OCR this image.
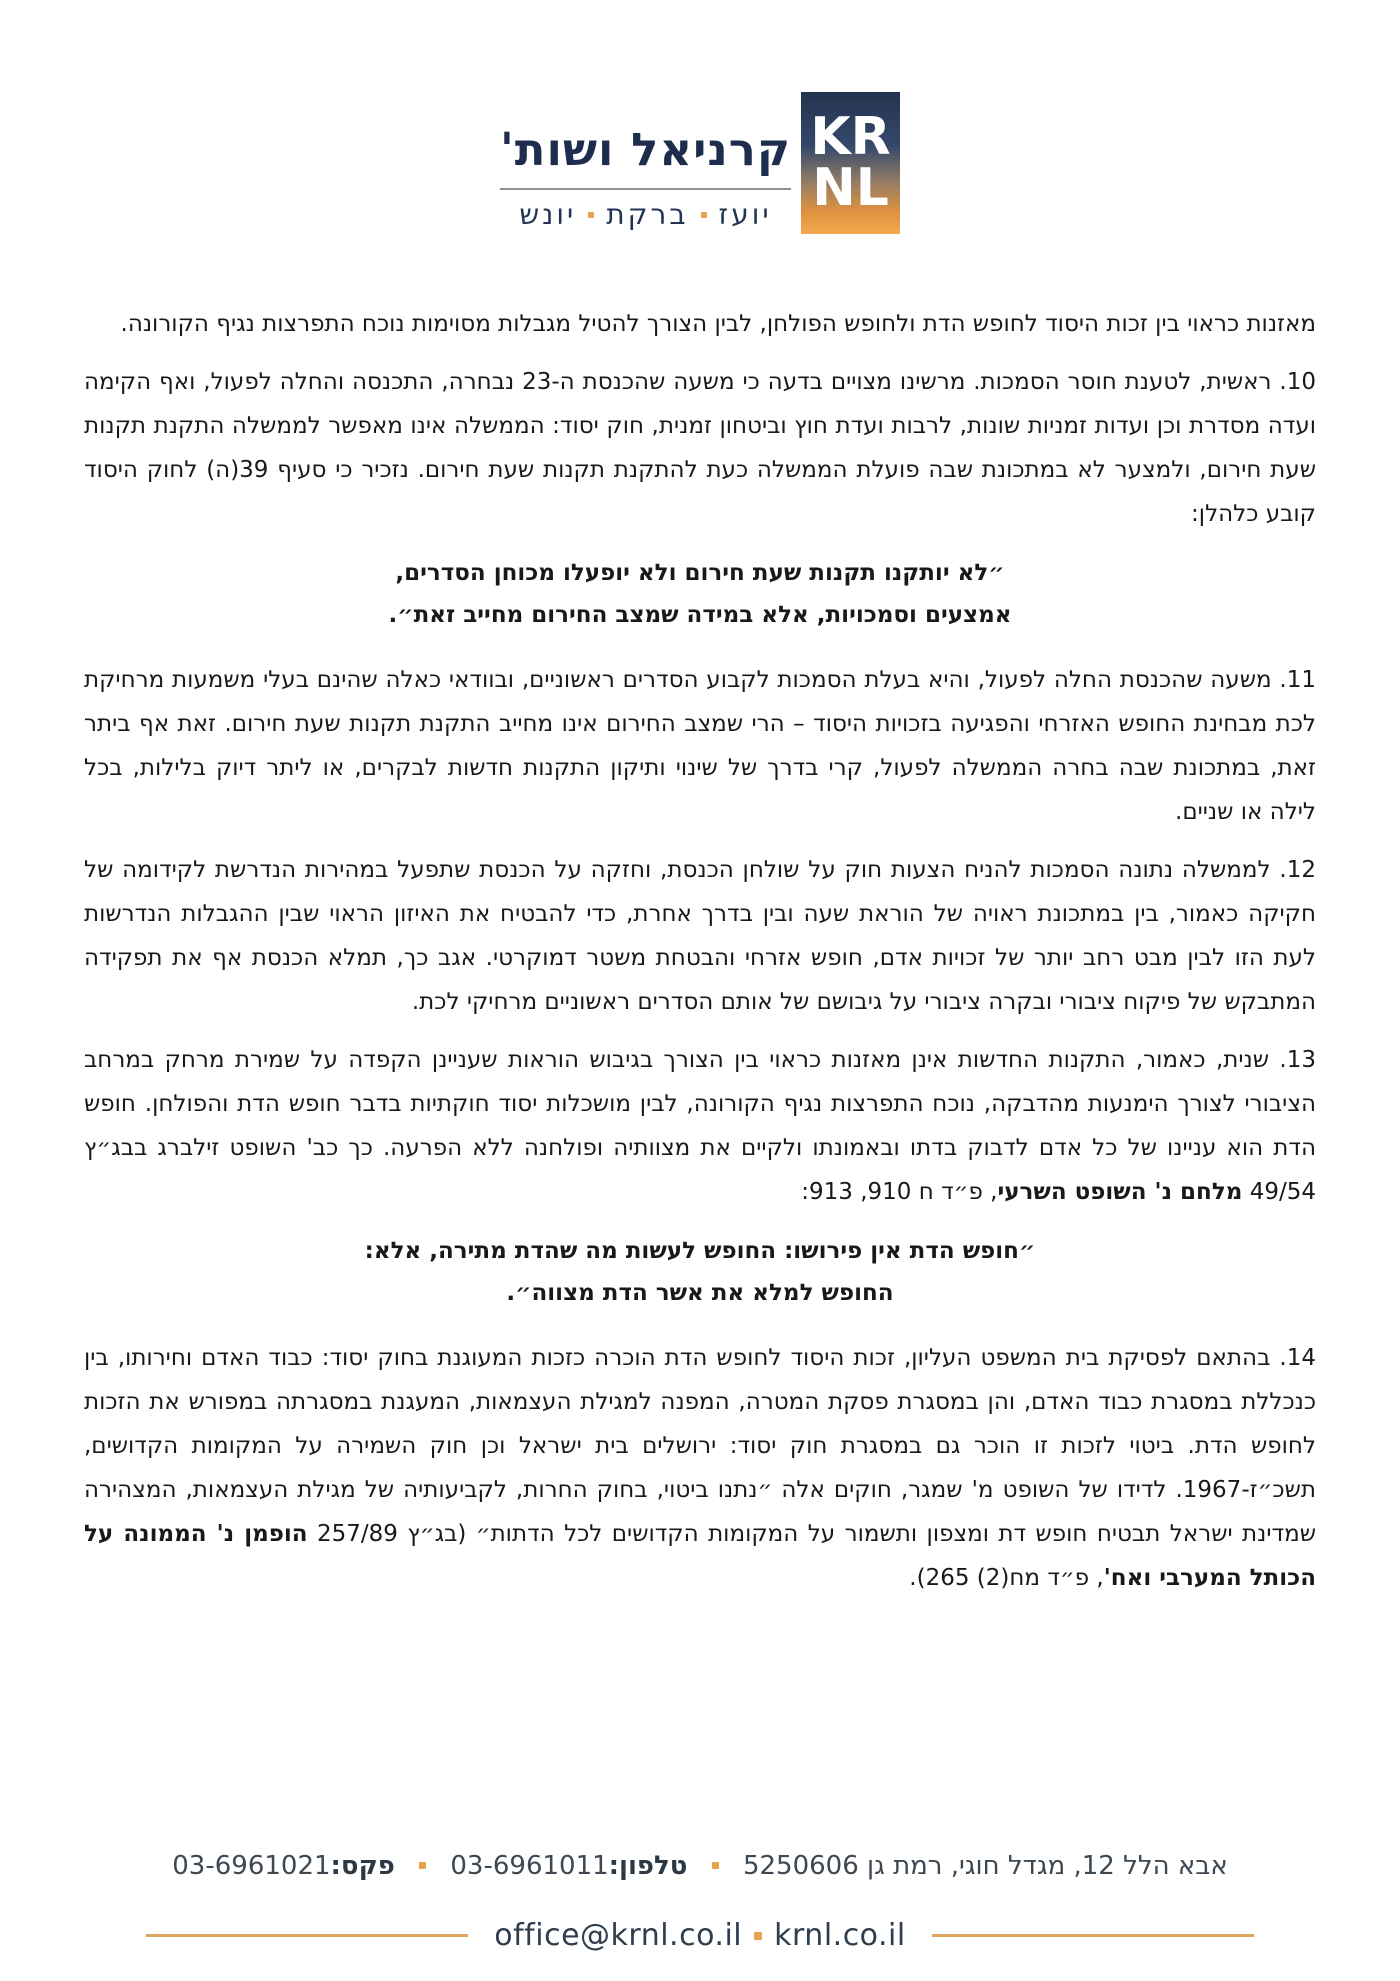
קרניאל ושות'
יועז
ברקת
יונש
KR
NL

מאזנות כראוי בין זכות היסוד לחופש הדת ולחופש הפולחן, לבין הצורך להטיל מגבלות מסוימות נוכח התפרצות נגיף הקורונה.

10. ראשית, לטענת חוסר הסמכות. מרשינו מצויים בדעה כי משעה שהכנסת ה-23 נבחרה, התכנסה והחלה לפעול, ואף הקימה ועדה מסדרת וכן ועדות זמניות שונות, לרבות ועדת חוץ וביטחון זמנית, חוק יסוד: הממשלה אינו מאפשר לממשלה התקנת תקנות שעת חירום, ולמצער לא במתכונת שבה פועלת הממשלה כעת להתקנת תקנות שעת חירום. נזכיר כי סעיף 39(ה) לחוק היסוד קובע כלהלן:

״לא יותקנו תקנות שעת חירום ולא יופעלו מכוחן הסדרים, אמצעים וסמכויות, אלא במידה שמצב החירום מחייב זאת״.

11. משעה שהכנסת החלה לפעול, והיא בעלת הסמכות לקבוע הסדרים ראשוניים, ובוודאי כאלה שהינם בעלי משמעות מרחיקת לכת מבחינת החופש האזרחי והפגיעה בזכויות היסוד – הרי שמצב החירום אינו מחייב התקנת תקנות שעת חירום. זאת אף ביתר זאת, במתכונת שבה בחרה הממשלה לפעול, קרי בדרך של שינוי ותיקון התקנות חדשות לבקרים, או ליתר דיוק בלילות, בכל לילה או שניים.

12. לממשלה נתונה הסמכות להניח הצעות חוק על שולחן הכנסת, וחזקה על הכנסת שתפעל במהירות הנדרשת לקידומה של חקיקה כאמור, בין במתכונת ראויה של הוראת שעה ובין בדרך אחרת, כדי להבטיח את האיזון הראוי שבין ההגבלות הנדרשות לעת הזו לבין מבט רחב יותר של זכויות אדם, חופש אזרחי והבטחת משטר דמוקרטי. אגב כך, תמלא הכנסת אף את תפקידה המתבקש של פיקוח ציבורי ובקרה ציבורי על גיבושם של אותם הסדרים ראשוניים מרחיקי לכת.

13. שנית, כאמור, התקנות החדשות אינן מאזנות כראוי בין הצורך בגיבוש הוראות שעניינן הקפדה על שמירת מרחק במרחב הציבורי לצורך הימנעות מהדבקה, נוכח התפרצות נגיף הקורונה, לבין מושכלות יסוד חוקתיות בדבר חופש הדת והפולחן. חופש הדת הוא עניינו של כל אדם לדבוק בדתו ובאמונתו ולקיים את מצוותיה ופולחנה ללא הפרעה. כך כב' השופט זילברג בבג״ץ 49/54 מלחם נ' השופט השרעי, פ״ד ח 910, 913:

״חופש הדת אין פירושו: החופש לעשות מה שהדת מתירה, אלא: החופש למלא את אשר הדת מצווה״.

14. בהתאם לפסיקת בית המשפט העליון, זכות היסוד לחופש הדת הוכרה כזכות המעוגנת בחוק יסוד: כבוד האדם וחירותו, בין כנכללת במסגרת כבוד האדם, והן במסגרת פסקת המטרה, המפנה למגילת העצמאות, המעגנת במסגרתה במפורש את הזכות לחופש הדת. ביטוי לזכות זו הוכר גם במסגרת חוק יסוד: ירושלים בית ישראל וכן חוק השמירה על המקומות הקדושים, תשכ״ז-1967. לדידו של השופט מ' שמגר, חוקים אלה ״נתנו ביטוי, בחוק החרות, לקביעותיה של מגילת העצמאות, המצהירה שמדינת ישראל תבטיח חופש דת ומצפון ותשמור על המקומות הקדושים לכל הדתות״ (בג״ץ 257/89 הופמן נ' הממונה על הכותל המערבי ואח', פ״ד מח(2) 265).

אבא הלל 12, מגדל חוגי, רמת גן 5250606  טלפון:03-6961011  פקס:03-6961021
office@krnl.co.il krnl.co.il
